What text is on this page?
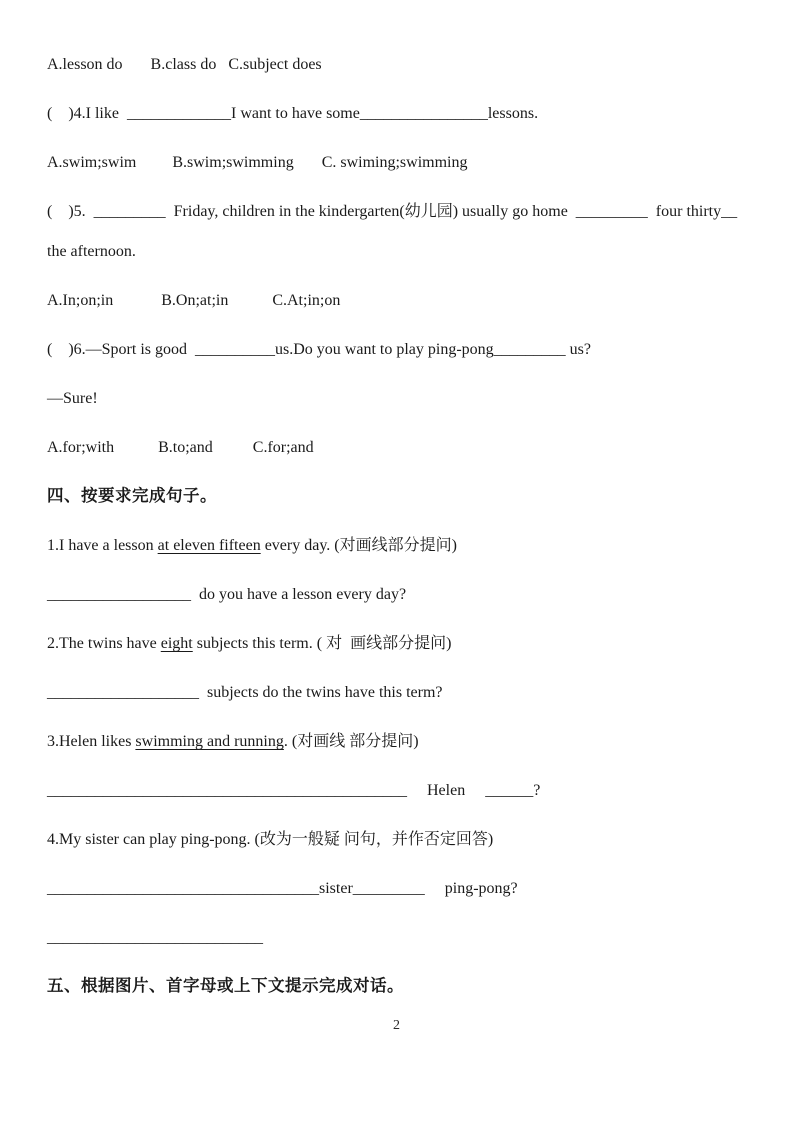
A.lesson do       B.class do   C.subject does

(    )4.I like  _____________I want to have some________________lessons.

A.swim;swim         B.swim;swimming       C. swiming;swimming

(    )5.  _________  Friday, children in the kindergarten(幼儿园) usually go home  _________  four thirty__

the afternoon.

A.In;on;in            B.On;at;in           C.At;in;on

(    )6.—Sport is good  __________us.Do you want to play ping-pong_________ us?

—Sure!

A.for;with           B.to;and          C.for;and

四、按要求完成句子。

1.I have a lesson at eleven fifteen every day. (对画线部分提问)

__________________  do you have a lesson every day?

2.The twins have eight subjects this term. ( 对  画线部分提问)

___________________  subjects do the twins have this term?

3.Helen likes swimming and running. (对画线 部分提问)

_____________________________________________     Helen     ______?

4.My sister can play ping-pong. (改为一般疑 问句，并作否定回答)

__________________________________sister_________     ping-pong?

___________________________

五、根据图片、首字母或上下文提示完成对话。

2
